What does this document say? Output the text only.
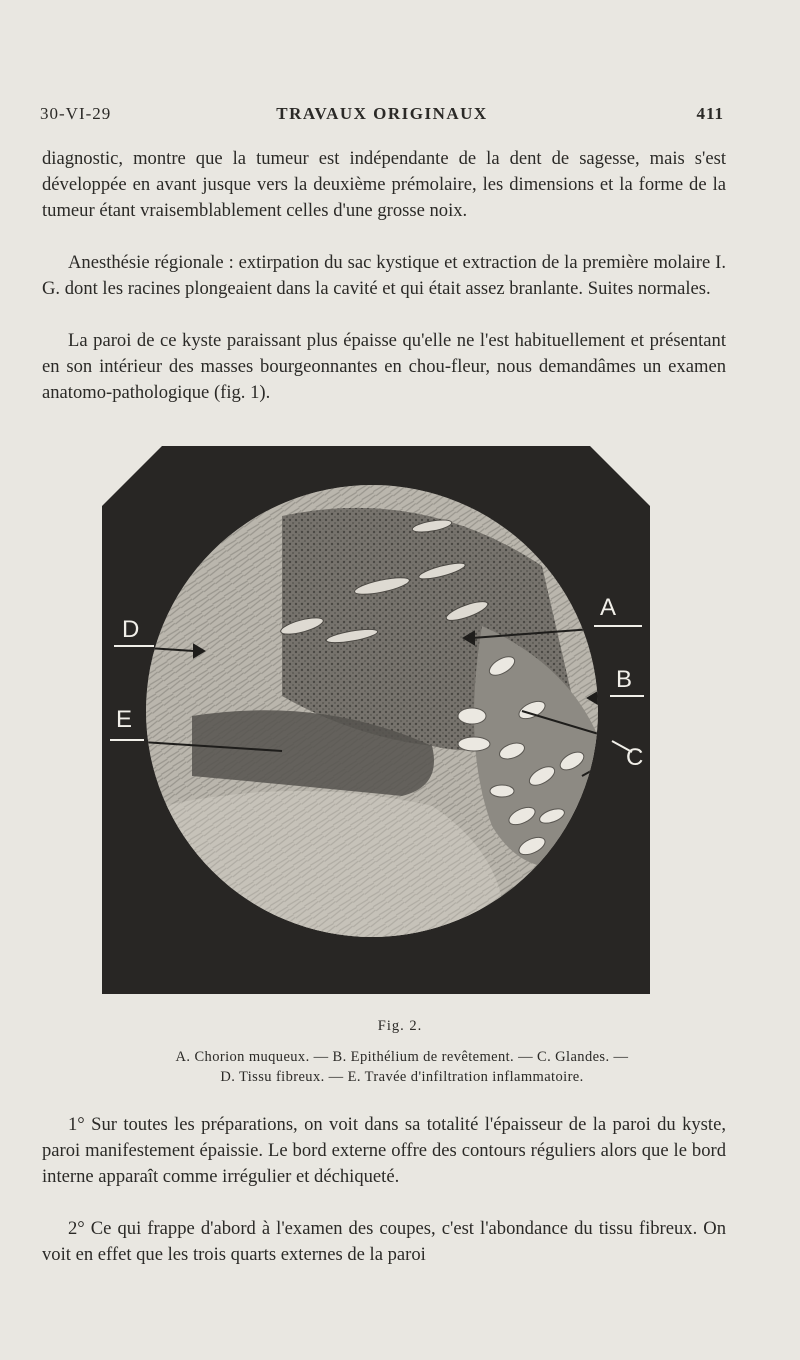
30-VI-29	TRAVAUX ORIGINAUX	411

diagnostic, montre que la tumeur est indépendante de la dent de sagesse, mais s'est développée en avant jusque vers la deuxième prémolaire, les dimensions et la forme de la tumeur étant vraisemblablement celles d'une grosse noix.

Anesthésie régionale : extirpation du sac kystique et extraction de la première molaire I. G. dont les racines plongeaient dans la cavité et qui était assez branlante. Suites normales.

La paroi de ce kyste paraissant plus épaisse qu'elle ne l'est habituellement et présentant en son intérieur des masses bourgeonnantes en chou-fleur, nous demandâmes un examen anatomo-pathologique (fig. 1).

A
B
C
D
E
Fig. 2.
A. Chorion muqueux. — B. Epithélium de revêtement. — C. Glandes. —
D. Tissu fibreux. — E. Travée d'infiltration inflammatoire.

1° Sur toutes les préparations, on voit dans sa totalité l'épaisseur de la paroi du kyste, paroi manifestement épaissie. Le bord externe offre des contours réguliers alors que le bord interne apparaît comme irrégulier et déchiqueté.

2° Ce qui frappe d'abord à l'examen des coupes, c'est l'abondance du tissu fibreux. On voit en effet que les trois quarts externes de la paroi
